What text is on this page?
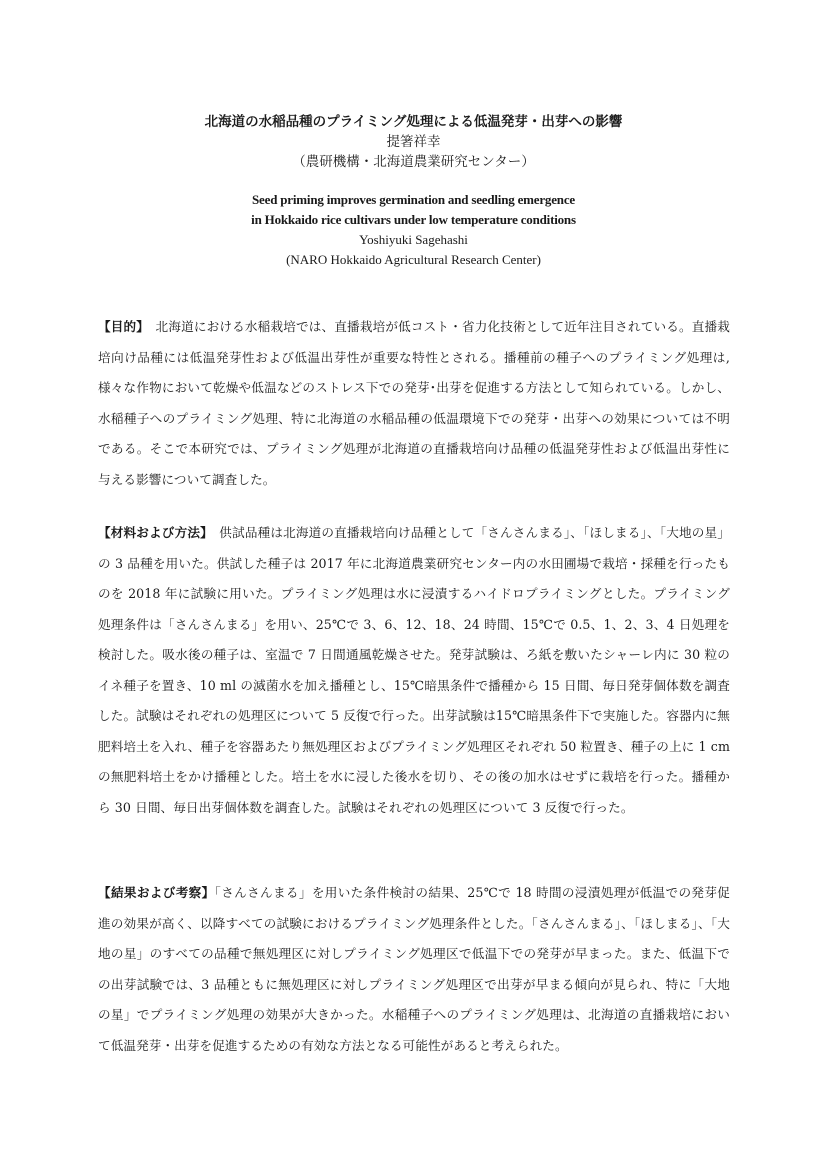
北海道の水稲品種のプライミング処理による低温発芽・出芽への影響
提箸祥幸
（農研機構・北海道農業研究センター）
Seed priming improves germination and seedling emergence
in Hokkaido rice cultivars under low temperature conditions
Yoshiyuki Sagehashi
(NARO Hokkaido Agricultural Research Center)
【目的】　北海道における水稲栽培では、直播栽培が低コスト・省力化技術として近年注目されている。直播栽培向け品種には低温発芽性および低温出芽性が重要な特性とされる。播種前の種子へのプライミング処理は, 様々な作物において乾燥や低温などのストレス下での発芽･出芽を促進する方法として知られている。しかし、水稲種子へのプライミング処理、特に北海道の水稲品種の低温環境下での発芽・出芽への効果については不明である。そこで本研究では、プライミング処理が北海道の直播栽培向け品種の低温発芽性および低温出芽性に与える影響について調査した。
【材料および方法】　供試品種は北海道の直播栽培向け品種として「さんさんまる」、「ほしまる」、「大地の星」の 3 品種を用いた。供試した種子は 2017 年に北海道農業研究センター内の水田圃場で栽培・採種を行ったものを 2018 年に試験に用いた。プライミング処理は水に浸漬するハイドロプライミングとした。プライミング処理条件は「さんさんまる」を用い、25℃で 3、6、12、18、24 時間、15℃で 0.5、1、2、3、4 日処理を検討した。吸水後の種子は、室温で 7 日間通風乾燥させた。発芽試験は、ろ紙を敷いたシャーレ内に 30 粒のイネ種子を置き、10 ml の滅菌水を加え播種とし、15℃暗黒条件で播種から 15 日間、毎日発芽個体数を調査した。試験はそれぞれの処理区について 5 反復で行った。出芽試験は15℃暗黒条件下で実施した。容器内に無肥料培土を入れ、種子を容器あたり無処理区およびプライミング処理区それぞれ 50 粒置き、種子の上に 1 cm の無肥料培土をかけ播種とした。培土を水に浸した後水を切り、その後の加水はせずに栽培を行った。播種から 30 日間、毎日出芽個体数を調査した。試験はそれぞれの処理区について 3 反復で行った。
【結果および考察】「さんさんまる」を用いた条件検討の結果、25℃で 18 時間の浸漬処理が低温での発芽促進の効果が高く、以降すべての試験におけるプライミング処理条件とした。「さんさんまる」、「ほしまる」、「大地の星」のすべての品種で無処理区に対しプライミング処理区で低温下での発芽が早まった。また、低温下での出芽試験では、3 品種ともに無処理区に対しプライミング処理区で出芽が早まる傾向が見られ、特に「大地の星」でプライミング処理の効果が大きかった。水稲種子へのプライミング処理は、北海道の直播栽培において低温発芽・出芽を促進するための有効な方法となる可能性があると考えられた。
